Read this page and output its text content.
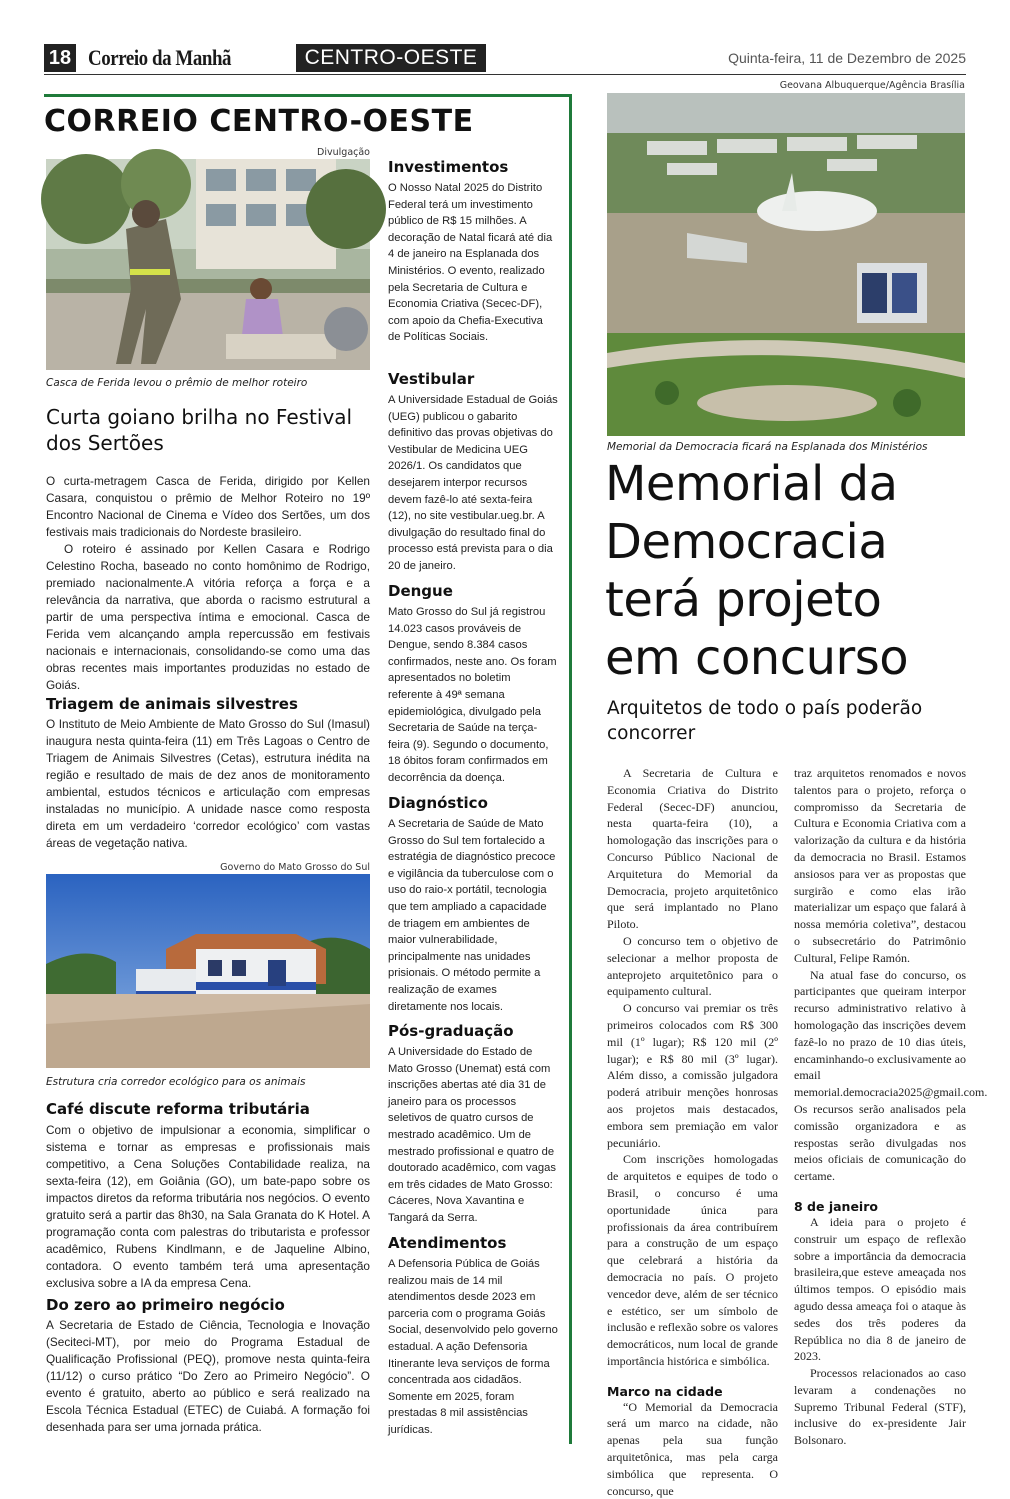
18 Correio da Manhã	CENTRO-OESTE	Quinta-feira, 11 de Dezembro de 2025
CORREIO CENTRO-OESTE
Divulgação
Casca de Ferida levou o prêmio de melhor roteiro
Curta goiano brilha no Festival dos Sertões

O curta-metragem Casca de Ferida, dirigido por Kellen Casara, conquistou o prêmio de Melhor Roteiro no 19º Encontro Nacional de Cinema e Vídeo dos Sertões, um dos festivais mais tradicionais do Nordeste brasileiro.

O roteiro é assinado por Kellen Casara e Rodrigo Celestino Rocha, baseado no conto homônimo de Rodrigo, premiado nacionalmente.A vitória reforça a força e a relevância da narrativa, que aborda o racismo estrutural a partir de uma perspectiva íntima e emocional. Casca de Ferida vem alcançando ampla repercussão em festivais nacionais e internacionais, consolidando-se como uma das obras recentes mais importantes produzidas no estado de Goiás.

Triagem de animais silvestres
O Instituto de Meio Ambiente de Mato Grosso do Sul (Imasul) inaugura nesta quinta-feira (11) em Três Lagoas o Centro de Triagem de Animais Silvestres (Cetas), estrutura inédita na região e resultado de mais de dez anos de monitoramento ambiental, estudos técnicos e articulação com empresas instaladas no município. A unidade nasce como resposta direta em um verdadeiro ‘corredor ecológico’ com vastas áreas de vegetação nativa.
Governo do Mato Grosso do Sul
Estrutura cria corredor ecológico para os animais
Café discute reforma tributária
Com o objetivo de impulsionar a economia, simplificar o sistema e tornar as empresas e profissionais mais competitivo, a Cena Soluções Contabilidade realiza, na sexta-feira (12), em Goiânia (GO), um bate-papo sobre os impactos diretos da reforma tributária nos negócios. O evento gratuito será a partir das 8h30, na Sala Granata do K Hotel. A programação conta com palestras do tributarista e professor acadêmico, Rubens Kindlmann, e de Jaqueline Albino, contadora. O evento também terá uma apresentação exclusiva sobre a IA da empresa Cena.
Do zero ao primeiro negócio
A Secretaria de Estado de Ciência, Tecnologia e Inovação (Seciteci-MT), por meio do Programa Estadual de Qualificação Profissional (PEQ), promove nesta quinta-feira (11/12) o curso prático “Do Zero ao Primeiro Negócio”. O evento é gratuito, aberto ao público e será realizado na Escola Técnica Estadual (ETEC) de Cuiabá. A formação foi desenhada para ser uma jornada prática.
Investimentos
O Nosso Natal 2025 do Distrito Federal terá um investimento público de R$ 15 milhões. A decoração de Natal ficará até dia 4 de janeiro na Esplanada dos Ministérios. O evento, realizado pela Secretaria de Cultura e Economia Criativa (Secec-DF), com apoio da Chefia-Executiva de Políticas Sociais.
Vestibular
A Universidade Estadual de Goiás (UEG) publicou o gabarito definitivo das provas objetivas do Vestibular de Medicina UEG 2026/1. Os candidatos que desejarem interpor recursos devem fazê-lo até sexta-feira (12), no site vestibular.ueg.br. A divulgação do resultado final do processo está prevista para o dia 20 de janeiro.
Dengue
Mato Grosso do Sul já registrou 14.023 casos prováveis de Dengue, sendo 8.384 casos confirmados, neste ano. Os foram apresentados no boletim referente à 49ª semana epidemiológica, divulgado pela Secretaria de Saúde na terça-feira (9). Segundo o documento, 18 óbitos foram confirmados em decorrência da doença.
Diagnóstico
A Secretaria de Saúde de Mato Grosso do Sul tem fortalecido a estratégia de diagnóstico precoce e vigilância da tuberculose com o uso do raio-x portátil, tecnologia que tem ampliado a capacidade de triagem em ambientes de maior vulnerabilidade, principalmente nas unidades prisionais. O método permite a realização de exames diretamente nos locais.
Pós-graduação
A Universidade do Estado de Mato Grosso (Unemat) está com inscrições abertas até dia 31 de janeiro para os processos seletivos de quatro cursos de mestrado acadêmico. Um de mestrado profissional e quatro de doutorado acadêmico, com vagas em três cidades de Mato Grosso: Cáceres, Nova Xavantina e Tangará da Serra.
Atendimentos
A Defensoria Pública de Goiás realizou mais de 14 mil atendimentos desde 2023 em parceria com o programa Goiás Social, desenvolvido pelo governo estadual. A ação Defensoria Itinerante leva serviços de forma concentrada aos cidadãos. Somente em 2025, foram prestadas 8 mil assistências jurídicas.
Geovana Albuquerque/Agência Brasília
Memorial da Democracia ficará na Esplanada dos Ministérios
Memorial da Democracia terá projeto em concurso
Arquitetos de todo o país poderão concorrer

A Secretaria de Cultura e Economia Criativa do Distrito Federal (Secec-DF) anunciou, nesta quarta-feira (10), a homologação das inscrições para o Concurso Público Nacional de Arquitetura do Memorial da Democracia, projeto arquitetônico que será implantado no Plano Piloto.

O concurso tem o objetivo de selecionar a melhor proposta de anteprojeto arquitetônico para o equipamento cultural.

O concurso vai premiar os três primeiros colocados com R$ 300 mil (1º lugar); R$ 120 mil (2º lugar); e R$ 80 mil (3º lugar). Além disso, a comissão julgadora poderá atribuir menções honrosas aos projetos mais destacados, embora sem premiação em valor pecuniário.

Com inscrições homologadas de arquitetos e equipes de todo o Brasil, o concurso é uma oportunidade única para profissionais da área contribuírem para a construção de um espaço que celebrará a história da democracia no país. O projeto vencedor deve, além de ser técnico e estético, ser um símbolo de inclusão e reflexão sobre os valores democráticos, num local de grande importância histórica e simbólica.

Marco na cidade

“O Memorial da Democracia será um marco na cidade, não apenas pela sua função arquitetônica, mas pela carga simbólica que representa. O concurso, que

traz arquitetos renomados e novos talentos para o projeto, reforça o compromisso da Secretaria de Cultura e Economia Criativa com a valorização da cultura e da história da democracia no Brasil. Estamos ansiosos para ver as propostas que surgirão e como elas irão materializar um espaço que falará à nossa memória coletiva”, destacou o subsecretário do Patrimônio Cultural, Felipe Ramón.

Na atual fase do concurso, os participantes que queiram interpor recurso administrativo relativo à homologação das inscrições devem fazê-lo no prazo de 10 dias úteis, encaminhando-o exclusivamente ao email memorial.democracia2025@gmail.com. Os recursos serão analisados pela comissão organizadora e as respostas serão divulgadas nos meios oficiais de comunicação do certame.

8 de janeiro

A ideia para o projeto é construir um espaço de reflexão sobre a importância da democracia brasileira,que esteve ameaçada nos últimos tempos. O episódio mais agudo dessa ameaça foi o ataque às sedes dos três poderes da República no dia 8 de janeiro de 2023.

Processos relacionados ao caso levaram a condenações no Supremo Tribunal Federal (STF), inclusive do ex-presidente Jair Bolsonaro.
